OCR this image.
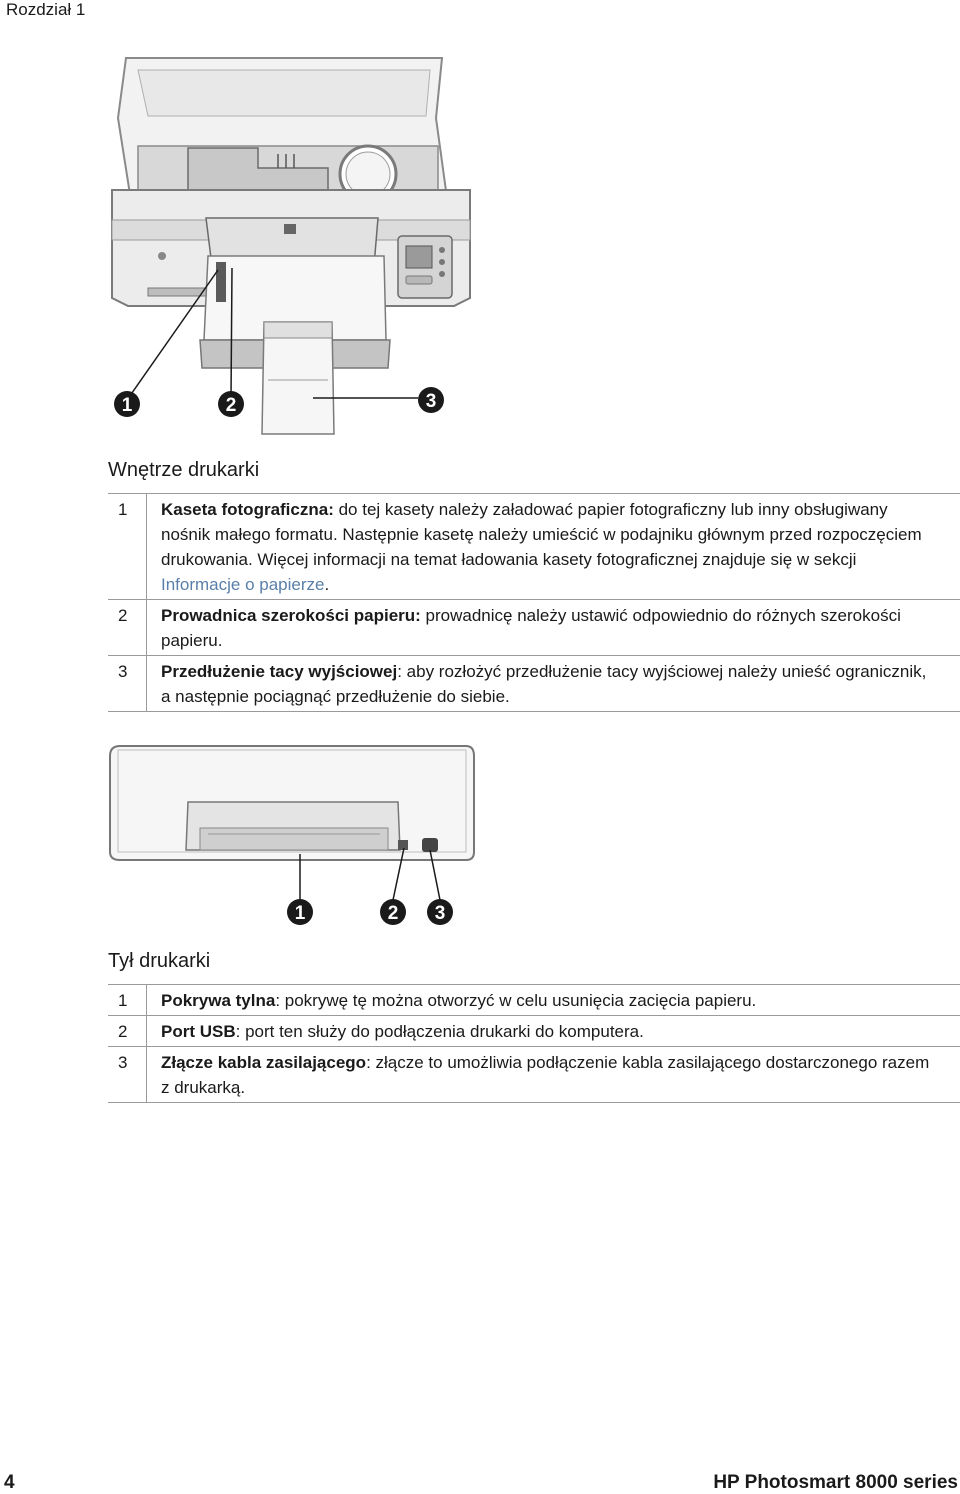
Rozdział 1
1	2	3
Wnętrze drukarki
1	Kaseta fotograficzna: do tej kasety należy załadować papier fotograficzny lub inny obsługiwany nośnik małego formatu. Następnie kasetę należy umieścić w podajniku głównym przed rozpoczęciem drukowania. Więcej informacji na temat ładowania kasety fotograficznej znajduje się w sekcji Informacje o papierze.
2	Prowadnica szerokości papieru: prowadnicę należy ustawić odpowiednio do różnych szerokości papieru.
3	Przedłużenie tacy wyjściowej: aby rozłożyć przedłużenie tacy wyjściowej należy unieść ogranicznik, a następnie pociągnąć przedłużenie do siebie.
1	2 3
Tył drukarki
1	Pokrywa tylna: pokrywę tę można otworzyć w celu usunięcia zacięcia papieru.
2	Port USB: port ten służy do podłączenia drukarki do komputera.
3	Złącze kabla zasilającego: złącze to umożliwia podłączenie kabla zasilającego dostarczonego razem z drukarką.
4	HP Photosmart 8000 series
